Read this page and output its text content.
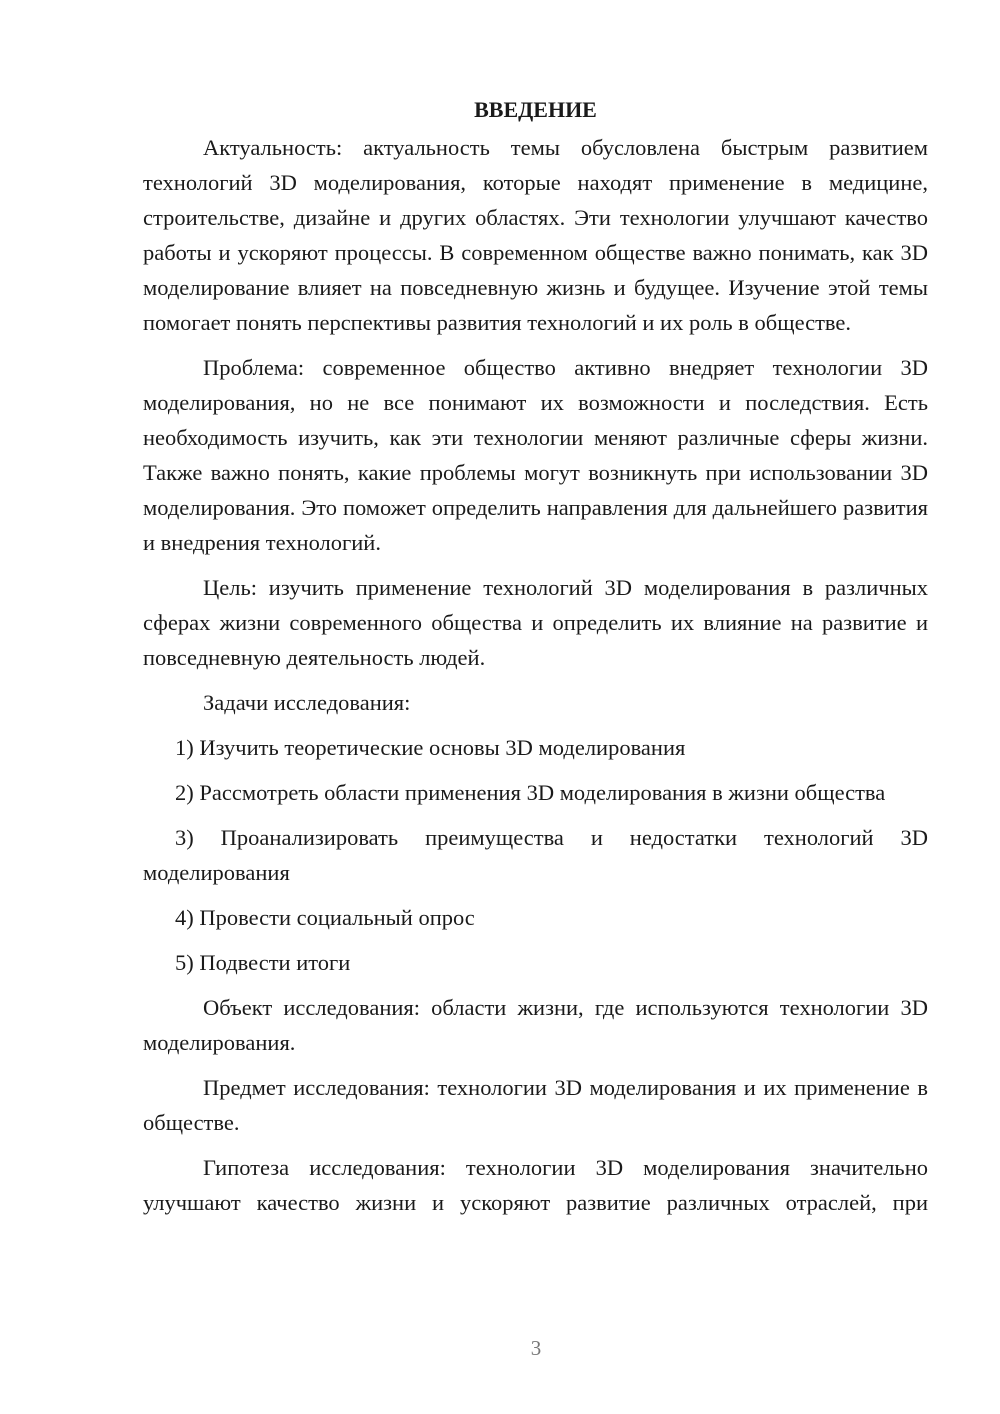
ВВЕДЕНИЕ

Актуальность: актуальность темы обусловлена быстрым развитием технологий 3D моделирования, которые находят применение в медицине, строительстве, дизайне и других областях. Эти технологии улучшают качество работы и ускоряют процессы. В современном обществе важно понимать, как 3D моделирование влияет на повседневную жизнь и будущее. Изучение этой темы помогает понять перспективы развития технологий и их роль в обществе.

Проблема: современное общество активно внедряет технологии 3D моделирования, но не все понимают их возможности и последствия. Есть необходимость изучить, как эти технологии меняют различные сферы жизни. Также важно понять, какие проблемы могут возникнуть при использовании 3D моделирования. Это поможет определить направления для дальнейшего развития и внедрения технологий.

Цель: изучить применение технологий 3D моделирования в различных сферах жизни современного общества и определить их влияние на развитие и повседневную деятельность людей.

Задачи исследования:

1) Изучить теоретические основы 3D моделирования

2) Рассмотреть области применения 3D моделирования в жизни общества

3) Проанализировать преимущества и недостатки технологий 3D моделирования

4) Провести социальный опрос

5) Подвести итоги

Объект исследования: области жизни, где используются технологии 3D моделирования.

Предмет исследования: технологии 3D моделирования и их применение в обществе.

Гипотеза исследования: технологии 3D моделирования значительно улучшают качество жизни и ускоряют развитие различных отраслей, при

3
